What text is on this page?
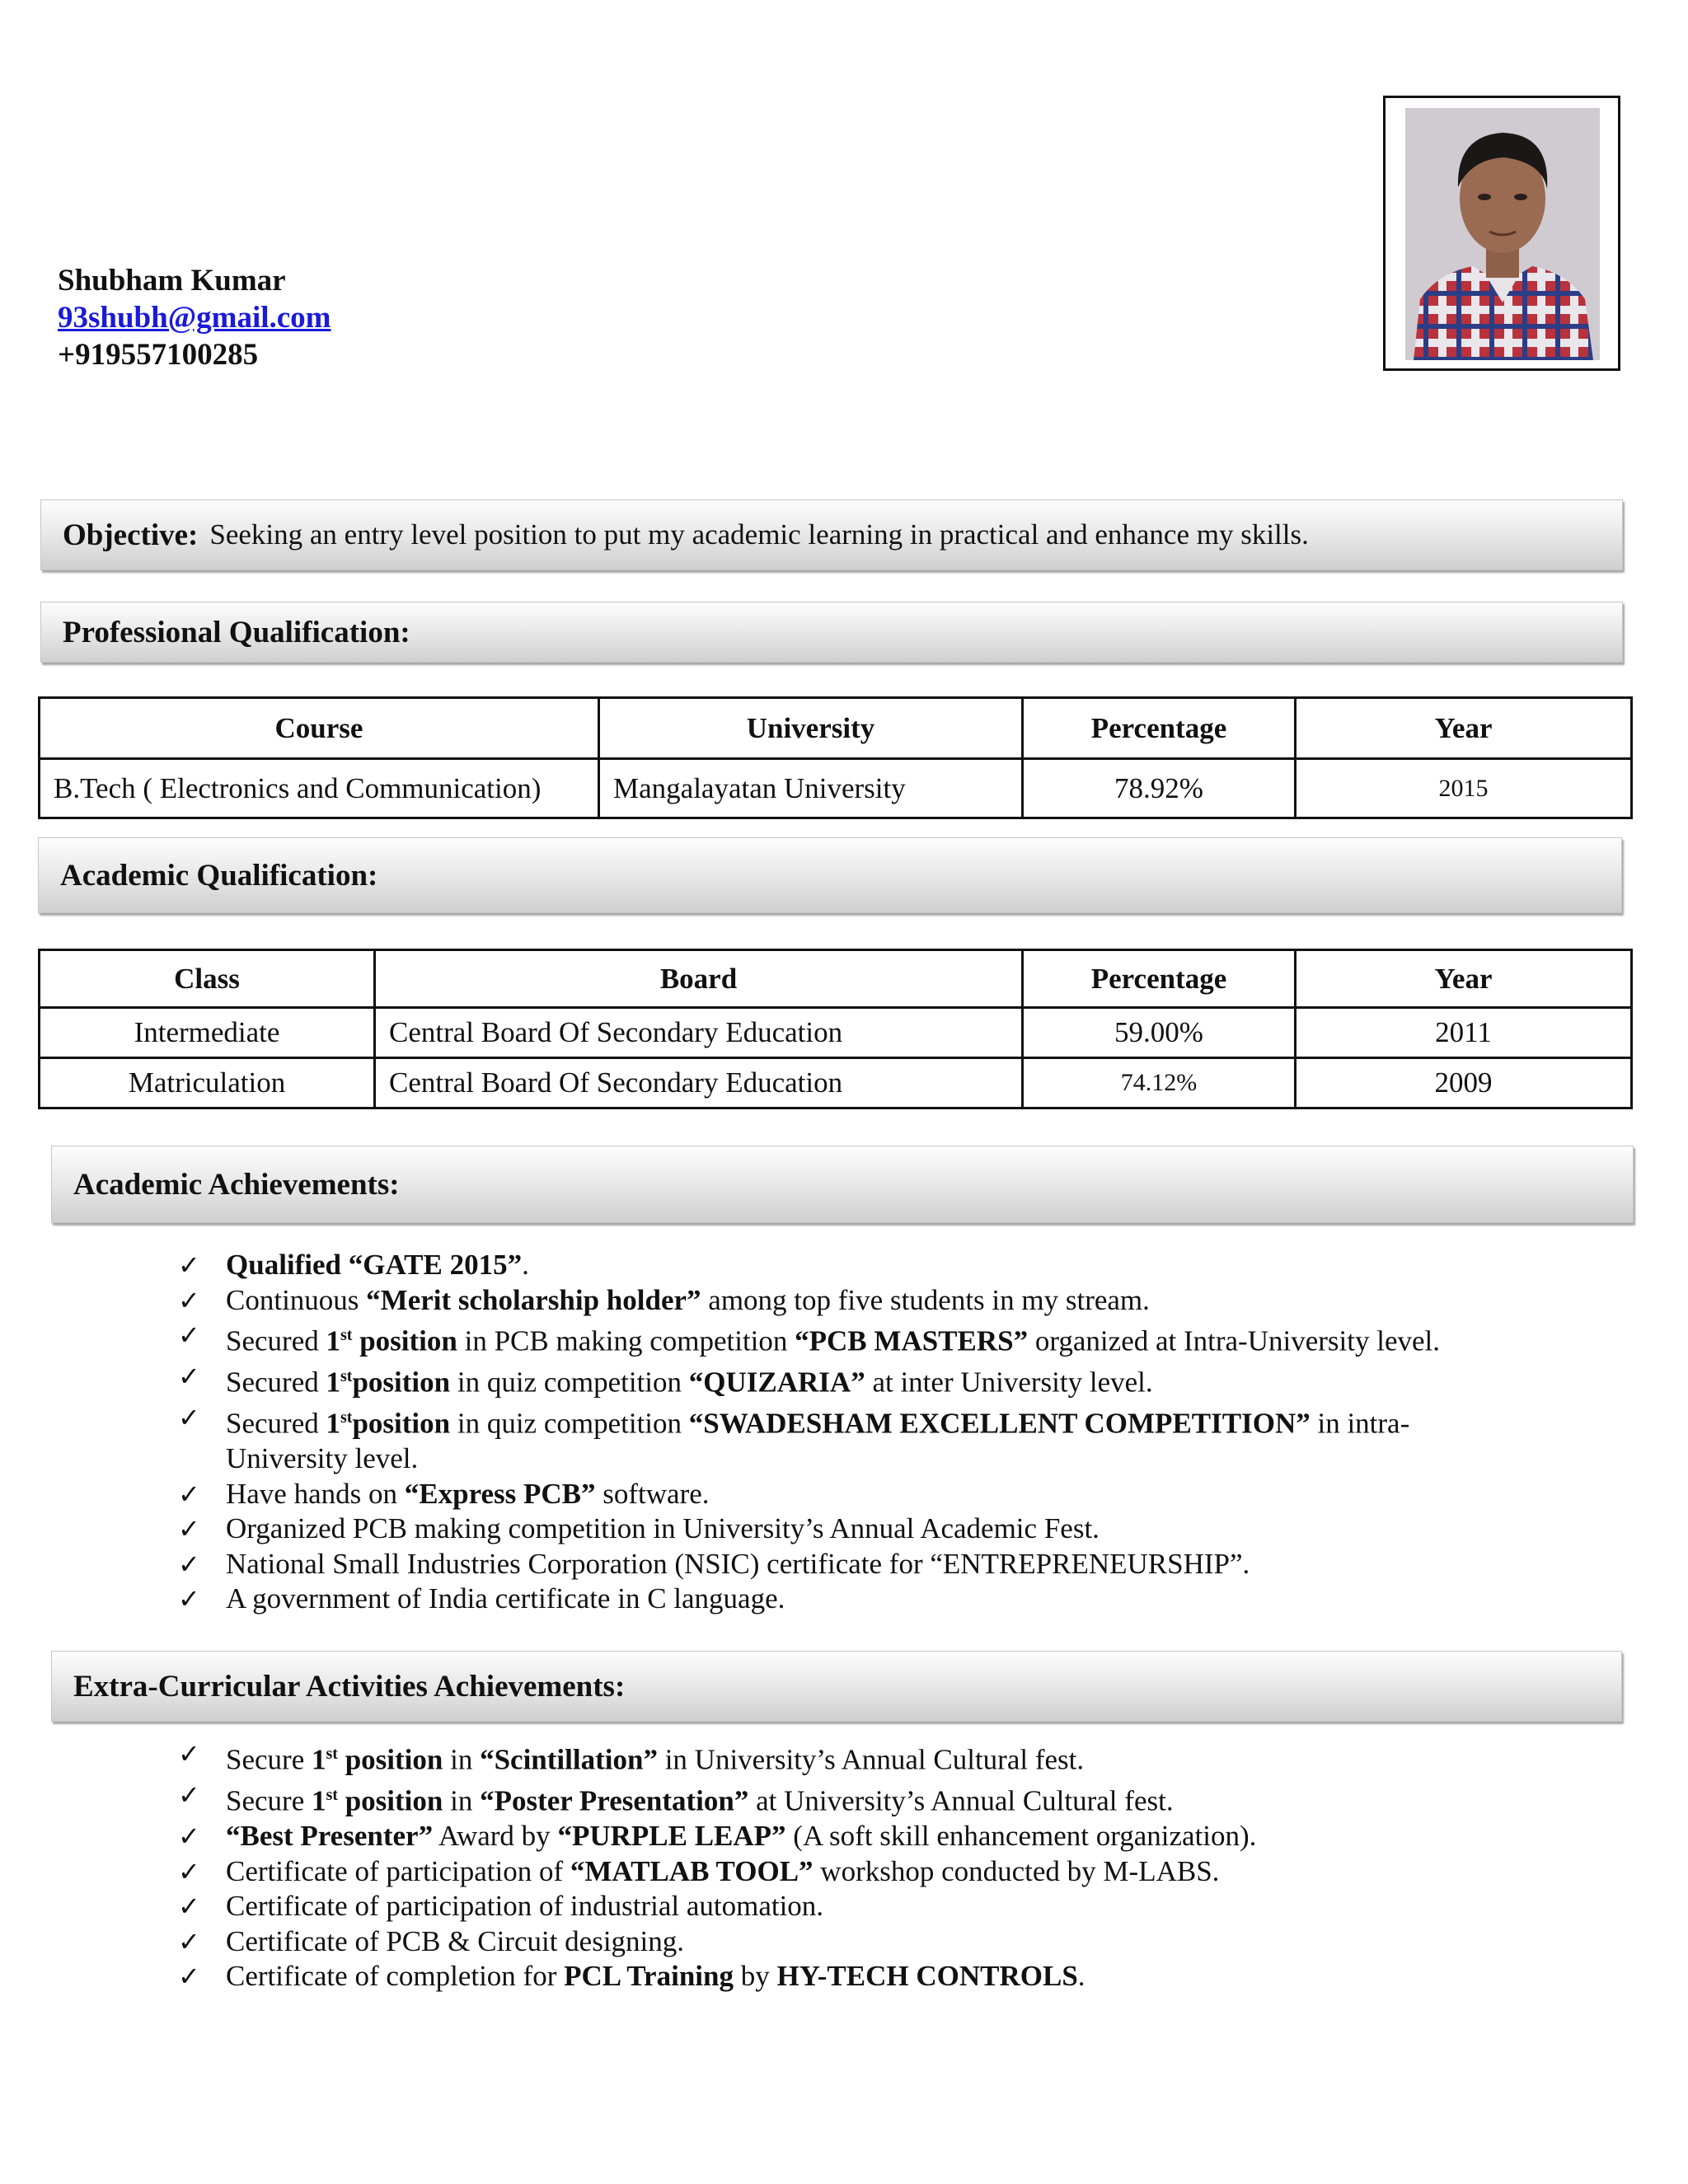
Shubham Kumar
93shubh@gmail.com
+919557100285
Objective: Seeking an entry level position to put my academic learning in practical and enhance my skills.
Professional Qualification:
Course	University	Percentage	Year
B.Tech ( Electronics and Communication)	Mangalayatan University	78.92%	2015
Academic Qualification:
Class	Board	Percentage	Year
Intermediate	Central Board Of Secondary Education	59.00%	2011
Matriculation	Central Board Of Secondary Education	74.12%	2009
Academic Achievements:
✓ Qualified “GATE 2015”.
✓ Continuous “Merit scholarship holder” among top five students in my stream.
✓ Secured 1st position in PCB making competition “PCB MASTERS” organized at Intra-University level.
✓ Secured 1stposition in quiz competition “QUIZARIA” at inter University level.
✓ Secured 1stposition in quiz competition “SWADESHAM EXCELLENT COMPETITION” in intra-University level.
✓ Have hands on “Express PCB” software.
✓ Organized PCB making competition in University’s Annual Academic Fest.
✓ National Small Industries Corporation (NSIC) certificate for “ENTREPRENEURSHIP”.
✓ A government of India certificate in C language.
Extra-Curricular Activities Achievements:
✓ Secure 1st position in “Scintillation” in University’s Annual Cultural fest.
✓ Secure 1st position in “Poster Presentation” at University’s Annual Cultural fest.
✓ “Best Presenter” Award by “PURPLE LEAP” (A soft skill enhancement organization).
✓ Certificate of participation of “MATLAB TOOL” workshop conducted by M-LABS.
✓ Certificate of participation of industrial automation.
✓ Certificate of PCB & Circuit designing.
✓ Certificate of completion for PCL Training by HY-TECH CONTROLS.
